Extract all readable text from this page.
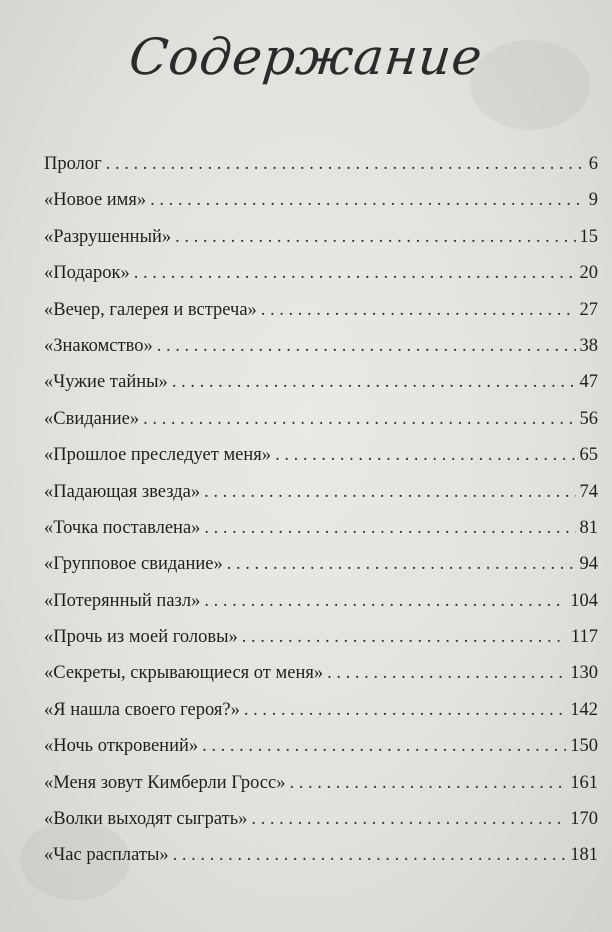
Содержание
Пролог . . .	6
«Новое имя» . . .	9
«Разрушенный» . . .	15
«Подарок» . . .	20
«Вечер, галерея и встреча» . . .	27
«Знакомство» . . .	38
«Чужие тайны» . . .	47
«Свидание» . . .	56
«Прошлое преследует меня» . . .	65
«Падающая звезда» . . .	74
«Точка поставлена» . . .	81
«Групповое свидание» . . .	94
«Потерянный пазл» . . .	104
«Прочь из моей головы» . . .	117
«Секреты, скрывающиеся от меня» . . .	130
«Я нашла своего героя?» . . .	142
«Ночь откровений» . . .	150
«Меня зовут Кимберли Гросс» . . .	161
«Волки выходят сыграть» . . .	170
«Час расплаты» . . .	181
